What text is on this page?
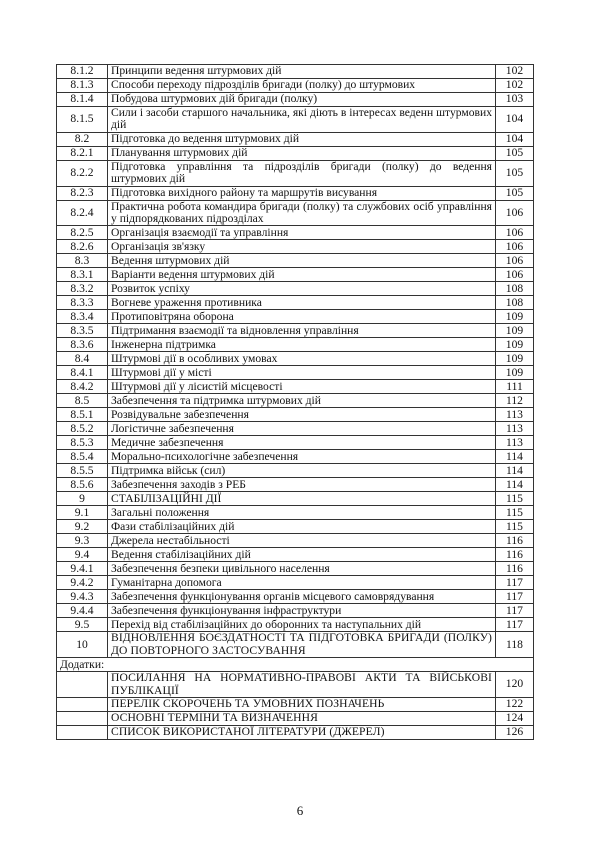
8.1.2	Принципи ведення штурмових дій	102
8.1.3	Способи переходу підрозділів бригади (полку) до штурмових	102
8.1.4	Побудова штурмових дій бригади (полку)	103
8.1.5	Сили і засоби старшого начальника, які діють в інтересах веденн штурмових дій	104
8.2	Підготовка до ведення штурмових дій	104
8.2.1	Планування штурмових дій	105
8.2.2	Підготовка управління та підрозділів бригади (полку) до ведення штурмових дій	105
8.2.3	Підготовка вихідного району та маршрутів висування	105
8.2.4	Практична робота командира бригади (полку) та службових осіб управління у підпорядкованих підрозділах	106
8.2.5	Організація взаємодії та управління	106
8.2.6	Організація зв'язку	106
8.3	Ведення штурмових дій	106
8.3.1	Варіанти ведення штурмових дій	106
8.3.2	Розвиток успіху	108
8.3.3	Вогневе ураження противника	108
8.3.4	Протиповітряна оборона	109
8.3.5	Підтримання взаємодії та відновлення управління	109
8.3.6	Інженерна підтримка	109
8.4	Штурмові дії в особливих умовах	109
8.4.1	Штурмові дії у місті	109
8.4.2	Штурмові дії у лісистій місцевості	111
8.5	Забезпечення та підтримка штурмових дій	112
8.5.1	Розвідувальне забезпечення	113
8.5.2	Логістичне забезпечення	113
8.5.3	Медичне забезпечення	113
8.5.4	Морально-психологічне забезпечення	114
8.5.5	Підтримка військ (сил)	114
8.5.6	Забезпечення заходів з РЕБ	114
9	СТАБІЛІЗАЦІЙНІ ДІЇ	115
9.1	Загальні положення	115
9.2	Фази стабілізаційних дій	115
9.3	Джерела нестабільності	116
9.4	Ведення стабілізаційних дій	116
9.4.1	Забезпечення безпеки цивільного населення	116
9.4.2	Гуманітарна допомога	117
9.4.3	Забезпечення функціонування органів місцевого самоврядування	117
9.4.4	Забезпечення функціонування інфраструктури	117
9.5	Перехід від стабілізаційних до оборонних та наступальних дій	117
10	ВІДНОВЛЕННЯ БОЄЗДАТНОСТІ ТА ПІДГОТОВКА БРИГАДИ (ПОЛКУ) ДО ПОВТОРНОГО ЗАСТОСУВАННЯ	118
Додатки:		
	ПОСИЛАННЯ НА НОРМАТИВНО-ПРАВОВІ АКТИ ТА ВІЙСЬКОВІ ПУБЛІКАЦІЇ	120
	ПЕРЕЛІК СКОРОЧЕНЬ ТА УМОВНИХ ПОЗНАЧЕНЬ	122
	ОСНОВНІ ТЕРМІНИ ТА ВИЗНАЧЕННЯ	124
	СПИСОК ВИКОРИСТАНОЇ ЛІТЕРАТУРИ (ДЖЕРЕЛ)	126
6
